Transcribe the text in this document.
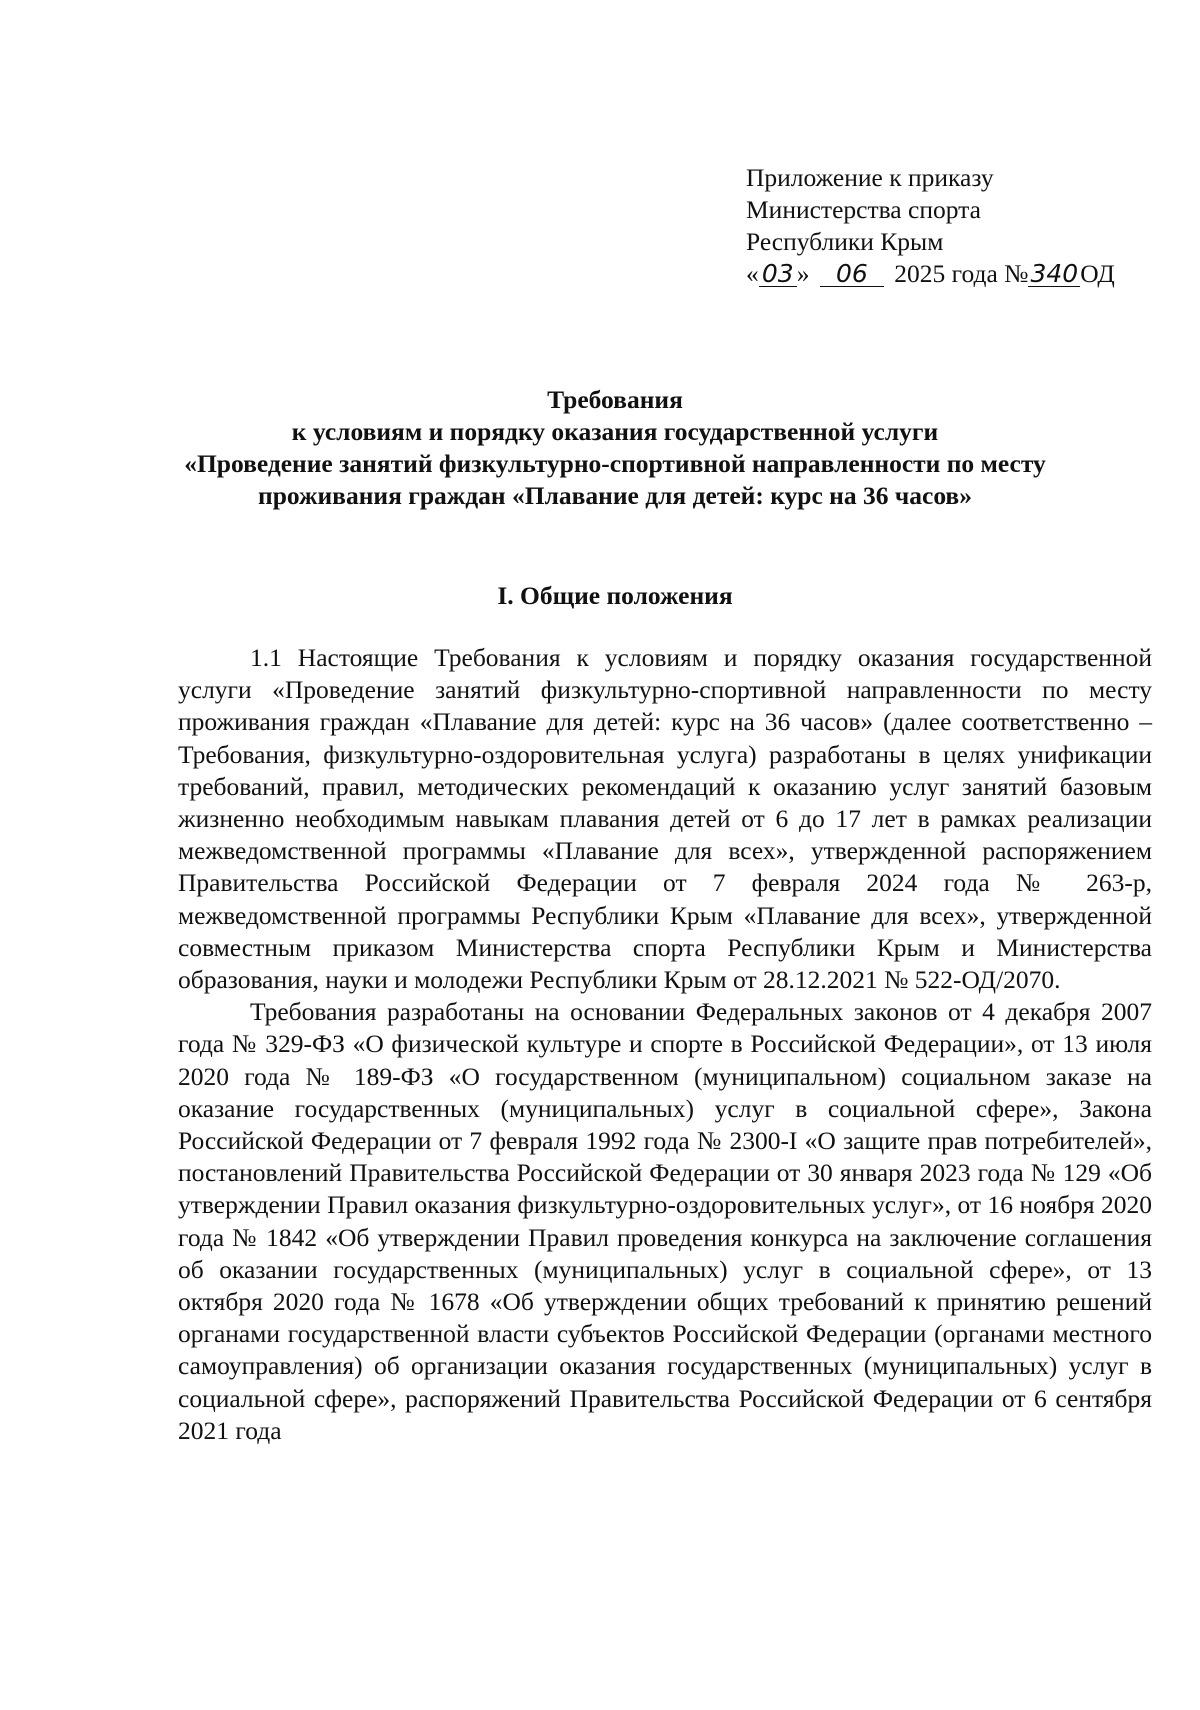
Приложение к приказу
Министерства спорта
Республики Крым
« 03 » 06 2025 года №340ОД
Требования
к условиям и порядку оказания государственной услуги
«Проведение занятий физкультурно-спортивной направленности по месту
проживания граждан «Плавание для детей: курс на 36 часов»
I. Общие положения

1.1 Настоящие Требования к условиям и порядку оказания государственной услуги «Проведение занятий физкультурно-спортивной направленности по месту проживания граждан «Плавание для детей: курс на 36 часов» (далее соответственно – Требования, физкультурно-оздоровительная услуга) разработаны в целях унификации требований, правил, методических рекомендаций к оказанию услуг занятий базовым жизненно необходимым навыкам плавания детей от 6 до 17 лет в рамках реализации межведомственной программы «Плавание для всех», утвержденной распоряжением Правительства Российской Федерации от 7 февраля 2024 года № 263-р, межведомственной программы Республики Крым «Плавание для всех», утвержденной совместным приказом Министерства спорта Республики Крым и Министерства образования, науки и молодежи Республики Крым от 28.12.2021 № 522-ОД/2070.

Требования разработаны на основании Федеральных законов от 4 декабря 2007 года № 329-ФЗ «О физической культуре и спорте в Российской Федерации», от 13 июля 2020 года № 189-ФЗ «О государственном (муниципальном) социальном заказе на оказание государственных (муниципальных) услуг в социальной сфере», Закона Российской Федерации от 7 февраля 1992 года № 2300-I «О защите прав потребителей», постановлений Правительства Российской Федерации от 30 января 2023 года № 129 «Об утверждении Правил оказания физкультурно-оздоровительных услуг», от 16 ноября 2020 года № 1842 «Об утверждении Правил проведения конкурса на заключение соглашения об оказании государственных (муниципальных) услуг в социальной сфере», от 13 октября 2020 года № 1678 «Об утверждении общих требований к принятию решений органами государственной власти субъектов Российской Федерации (органами местного самоуправления) об организации оказания государственных (муниципальных) услуг в социальной сфере», распоряжений Правительства Российской Федерации от 6 сентября 2021 года
